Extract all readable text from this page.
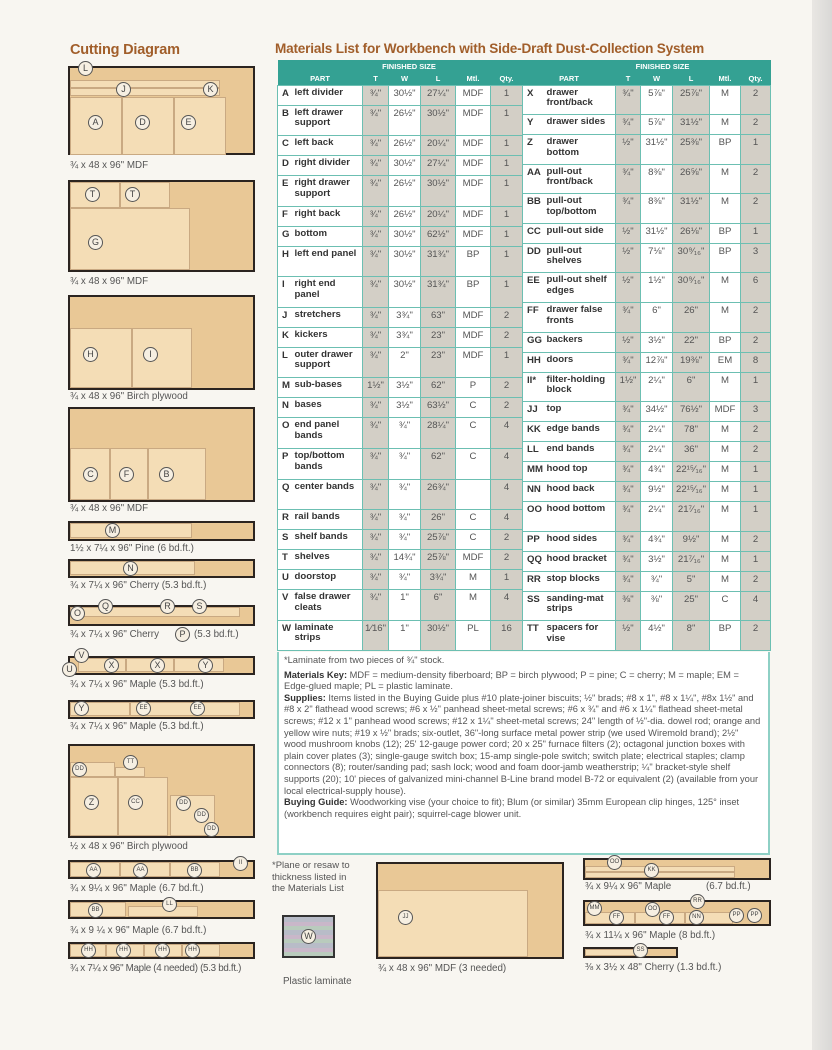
Cutting Diagram	Materials List for Workbench with Side-Draft Dust-Collection System
		FINISHED SIZE				
PART		T	W	L	Mtl.	Qty.
A	left divider	¾"	30½"	27¼"	MDF	1
B	left drawer support	¾"	26½"	30½"	MDF	1
C	left back	¾"	26½"	20¼"	MDF	1
D	right divider	¾"	30½"	27¼"	MDF	1
E	right drawer support	¾"	26½"	30½"	MDF	1
F	right back	¾"	26½"	20¼"	MDF	1
G	bottom	¾"	30½"	62½"	MDF	1
H	left end panel	¾"	30½"	31¾"	BP	1
I	right end panel	¾"	30½"	31¾"	BP	1
J	stretchers	¾"	3¾"	63"	MDF	2
K	kickers	¾"	3¾"	23"	MDF	2
L	outer drawer support	¾"	2"	23"	MDF	1
M	sub-bases	1½"	3½"	62"	P	2
N	bases	¾"	3½"	63½"	C	2
O	end panel bands	¾"	¾"	28¼"	C	4
P	top/bottom bands	¾"	¾"	62"	C	4
Q	center bands	¾"	¾"	26¾"		4
R	rail bands	¾"	¾"	26"	C	4
S	shelf bands	¾"	¾"	25⅞"	C	2
T	shelves	¾"	14¾"	25⅞"	MDF	2
U	doorstop	¾"	¾"	3¾"	M	1
V	false drawer cleats	¾"	1"	6"	M	4
W	laminate strips	1⁄16"	1"	30½"	PL	16
		FINISHED SIZE				
PART		T	W	L	Mtl.	Qty.
X	drawer front/back	¾"	5⅞"	25⅞"	M	2
Y	drawer sides	¾"	5⅞"	31½"	M	2
Z	drawer bottom	½"	31½"	25⅜"	BP	1
AA	pull-out front/back	¾"	8⅜"	26⅝"	M	2
BB	pull-out top/bottom	¾"	8⅜"	31½"	M	2
CC	pull-out side	½"	31½"	26⅛"	BP	1
DD	pull-out shelves	½"	7⅛"	30⁹⁄₁₆"	BP	3
EE	pull-out shelf edges	½"	1½"	30⁹⁄₁₆"	M	6
FF	drawer false fronts	¾"	6"	26"	M	2
GG	backers	½"	3½"	22"	BP	2
HH	doors	¾"	12⅞"	19⅜"	EM	8
II*	filter-holding block	1½"	2¼"	6"	M	1
JJ	top	¾"	34½"	76½"	MDF	3
KK	edge bands	¾"	2¼"	78"	M	2
LL	end bands	¾"	2¼"	36"	M	2
MM	hood top	¾"	4¾"	22¹⁵⁄₁₆"	M	1
NN	hood back	¾"	9½"	22¹⁵⁄₁₆"	M	1
OO	hood bottom	¾"	2¼"	21⁷⁄₁₆"	M	1
PP	hood sides	¾"	4¾"	9½"	M	2
QQ	hood bracket	¾"	3½"	21⁷⁄₁₆"	M	1
RR	stop blocks	¾"	¾"	5"	M	2
SS	sanding-mat strips	⅜"	⅜"	25"	C	4
TT	spacers for vise	½"	4½"	8"	BP	2
*Laminate from two pieces of ¾" stock.
Materials Key: MDF = medium-density fiberboard; BP = birch plywood; P = pine; C = cherry; M = maple; EM = Edge-glued maple; PL = plastic laminate.
Supplies: Items listed in the Buying Guide plus #10 plate-joiner biscuits; ½" brads; #8 x 1", #8 x 1¼", #8x 1½" and #8 x 2" flathead wood screws; #6 x ½" panhead sheet-metal screws; #6 x ¾" and #6 x 1¼" flathead sheet-metal screws; #12 x 1" panhead wood screws; #12 x 1¼" sheet-metal screws; 24" length of ½"-dia. dowel rod; orange and yellow wire nuts; #19 x ½" brads; six-outlet, 36"-long surface metal power strip (we used Wiremold brand); 2½" wood mushroom knobs (12); 25' 12-gauge power cord; 20 x 25" furnace filters (2); octagonal junction boxes with plain cover plates (3); single-gauge switch box; 15-amp single-pole switch; switch plate; electrical staples; clamp connectors (8); router/sanding pad; sash lock; wood and foam door-jamb weatherstrip; ¼" bracket-style shelf supports (20); 10' pieces of galvanized mini-channel B-Line brand model B-72 or equivalent (2) (available from your local electrical-supply house).
Buying Guide: Woodworking vise (your choice to fit); Blum (or similar) 35mm European clip hinges, 125° inset (workbench requires eight pair); squirrel-cage blower unit.
L
J	K
A	D	E
¾ x 48 x 96" MDF
T	T
G
¾ x 48 x 96" MDF
H	I
¾ x 48 x 96" Birch plywood
C	F	B
¾ x 48 x 96" MDF
M
1½ x 7¼ x 96" Pine (6 bd.ft.)
N
¾ x 7¼ x 96" Cherry (5.3 bd.ft.)
O
Q	R	S
P
¾ x 7¼ x 96" Cherry	(5.3 bd.ft.)
V
U	X	X	Y
¾ x 7¼ x 96" Maple (5.3 bd.ft.)
Y	EE	EE
¾ x 7¼ x 96" Maple (5.3 bd.ft.)
DD
TT
Z	CC	DD
DD
DD
½ x 48 x 96" Birch plywood
AA	AA	BB
II
¾ x 9¼ x 96" Maple (6.7 bd.ft.)
BB
LL
¾ x 9 ¼ x 96" Maple (6.7 bd.ft.)
HH	HH	HH	HH
¾ x 7¼ x 96" Maple (4 needed) (5.3 bd.ft.)
JJ
¾ x 48 x 96" MDF (3 needed)
OO
KK
¾ x 9¼ x 96" Maple	(6.7 bd.ft.)
RR
MM	OO
FF	FF	NN	PP	PP
¾ x 11¼ x 96" Maple (8 bd.ft.)
SS
⅜ x 3½ x 48" Cherry (1.3 bd.ft.)
*Plane or resaw to thickness listed in the Materials List
W
Plastic laminate
